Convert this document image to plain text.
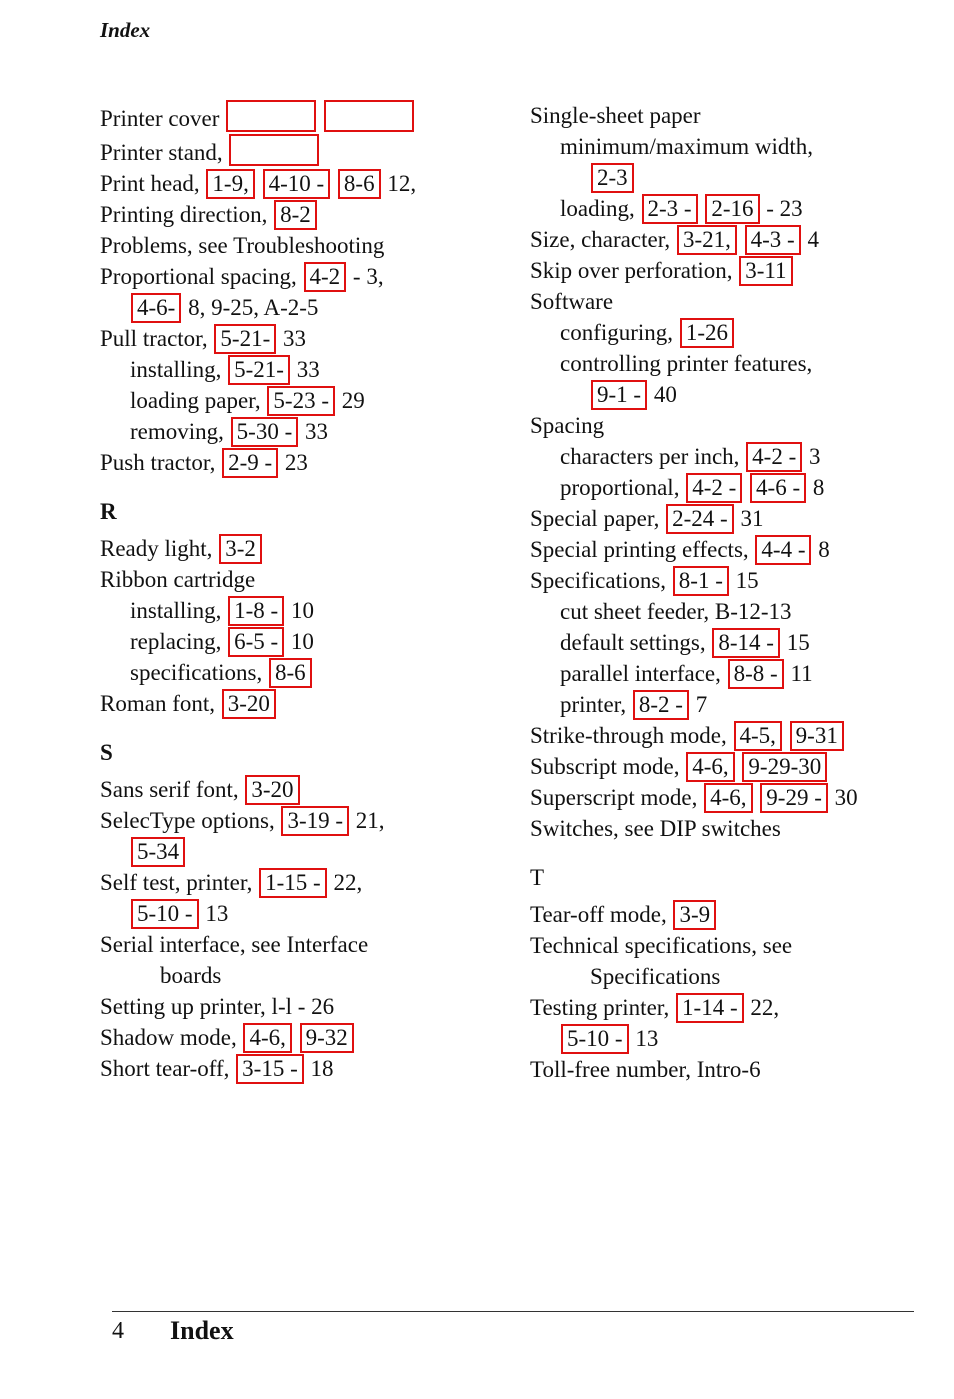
Index
Printer cover
Printer stand,
Print head, 1-9, 4-10 - 8-6 12,
Printing direction, 8-2
Problems, see Troubleshooting
Proportional spacing, 4-2 - 3,
4-6- 8, 9-25, A-2-5
Pull tractor, 5-21- 33
installing, 5-21- 33
loading paper, 5-23 - 29
removing, 5-30 - 33
Push tractor, 2-9 - 23
R
Ready light, 3-2
Ribbon cartridge
installing, 1-8 - 10
replacing, 6-5 - 10
specifications, 8-6
Roman font, 3-20
S
Sans serif font, 3-20
SelecType options, 3-19 - 21,
5-34
Self test, printer, 1-15 - 22,
5-10 - 13
Serial interface, see Interface
boards
Setting up printer, l-l - 26
Shadow mode, 4-6, 9-32
Short tear-off, 3-15 - 18
Single-sheet paper
minimum/maximum width,
2-3
loading, 2-3 - 2-16 - 23
Size, character, 3-21, 4-3 - 4
Skip over perforation, 3-11
Software
configuring, 1-26
controlling printer features,
9-1 - 40
Spacing
characters per inch, 4-2 - 3
proportional, 4-2 - 4-6 - 8
Special paper, 2-24 - 31
Special printing effects, 4-4 - 8
Specifications, 8-1 - 15
cut sheet feeder, B-12-13
default settings, 8-14 - 15
parallel interface, 8-8 - 11
printer, 8-2 - 7
Strike-through mode, 4-5, 9-31
Subscript mode, 4-6, 9-29-30
Superscript mode, 4-6, 9-29 - 30
Switches, see DIP switches
T
Tear-off mode, 3-9
Technical specifications, see
Specifications
Testing printer, 1-14 - 22,
5-10 - 13
Toll-free number, Intro-6
4 Index
